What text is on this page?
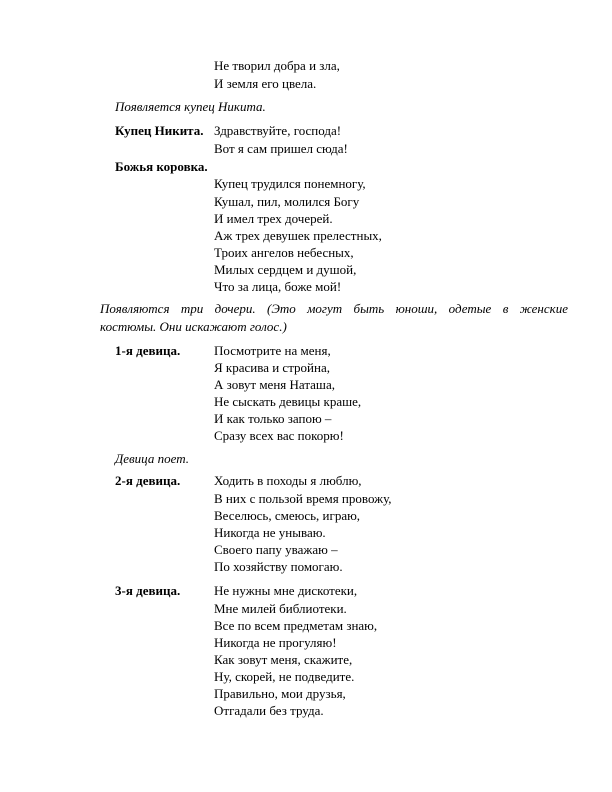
Не творил добра и зла,
И земля его цвела.
Появляется купец Никита.
Купец Никита. Здравствуйте, господа!
Вот я сам пришел сюда!
Божья коровка.
Купец трудился понемногу,
Кушал, пил, молился Богу
И имел трех дочерей.
Аж трех девушек прелестных,
Троих ангелов небесных,
Милых сердцем и душой,
Что за лица, боже мой!
Появляются три дочери. (Это могут быть юноши, одетые в женские
костюмы. Они искажают голос.)
1-я девица.	Посмотрите на меня,
Я красива и стройна,
А зовут меня Наташа,
Не сыскать девицы краше,
И как только запою –
Сразу всех вас покорю!
Девица поет.
2-я девица.	Ходить в походы я люблю,
В них с пользой время провожу,
Веселюсь, смеюсь, играю,
Никогда не унываю.
Своего папу уважаю –
По хозяйству помогаю.
3-я девица.	Не нужны мне дискотеки,
Мне милей библиотеки.
Все по всем предметам знаю,
Никогда не прогуляю!
Как зовут меня, скажите,
Ну, скорей, не подведите.
Правильно, мои друзья,
Отгадали без труда.
